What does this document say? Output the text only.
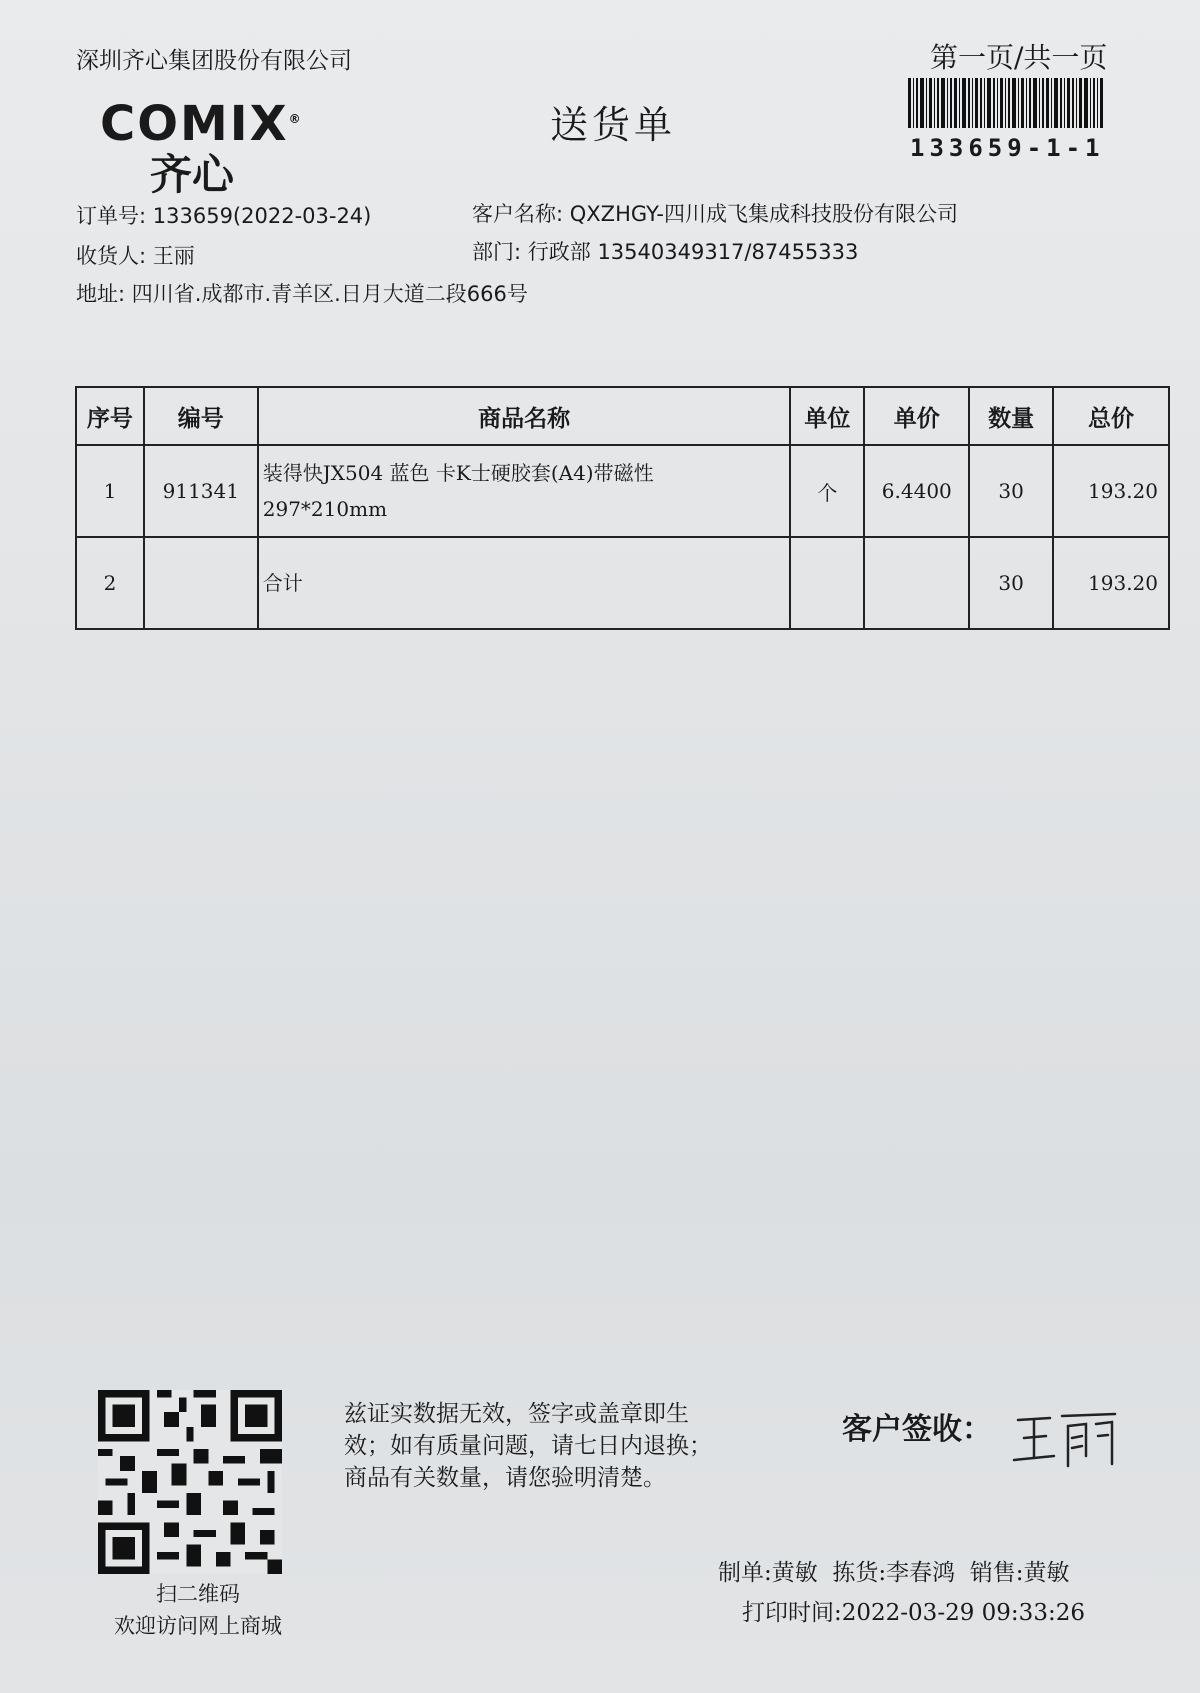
深圳齐心集团股份有限公司	第一页/共一页
送货单
COMIX®
齐心
133659-1-1
订单号: 133659(2022-03-24)	客户名称: QXZHGY-四川成飞集成科技股份有限公司
收货人: 王丽	部门: 行政部 13540349317/87455333
地址: 四川省.成都市.青羊区.日月大道二段666号
序号	编号	商品名称	单位	单价	数量	总价
1	911341	装得快JX504 蓝色 卡K士硬胶套(A4)带磁性
297*210mm	个	6.4400	30	193.20
2		合计			30	193.20
扫二维码
欢迎访问网上商城
兹证实数据无效，签字或盖章即生
效；如有质量问题，请七日内退换；
商品有关数量，请您验明清楚。
客户签收：
制单:黄敏  拣货:李春鸿  销售:黄敏
打印时间:2022-03-29 09:33:26
